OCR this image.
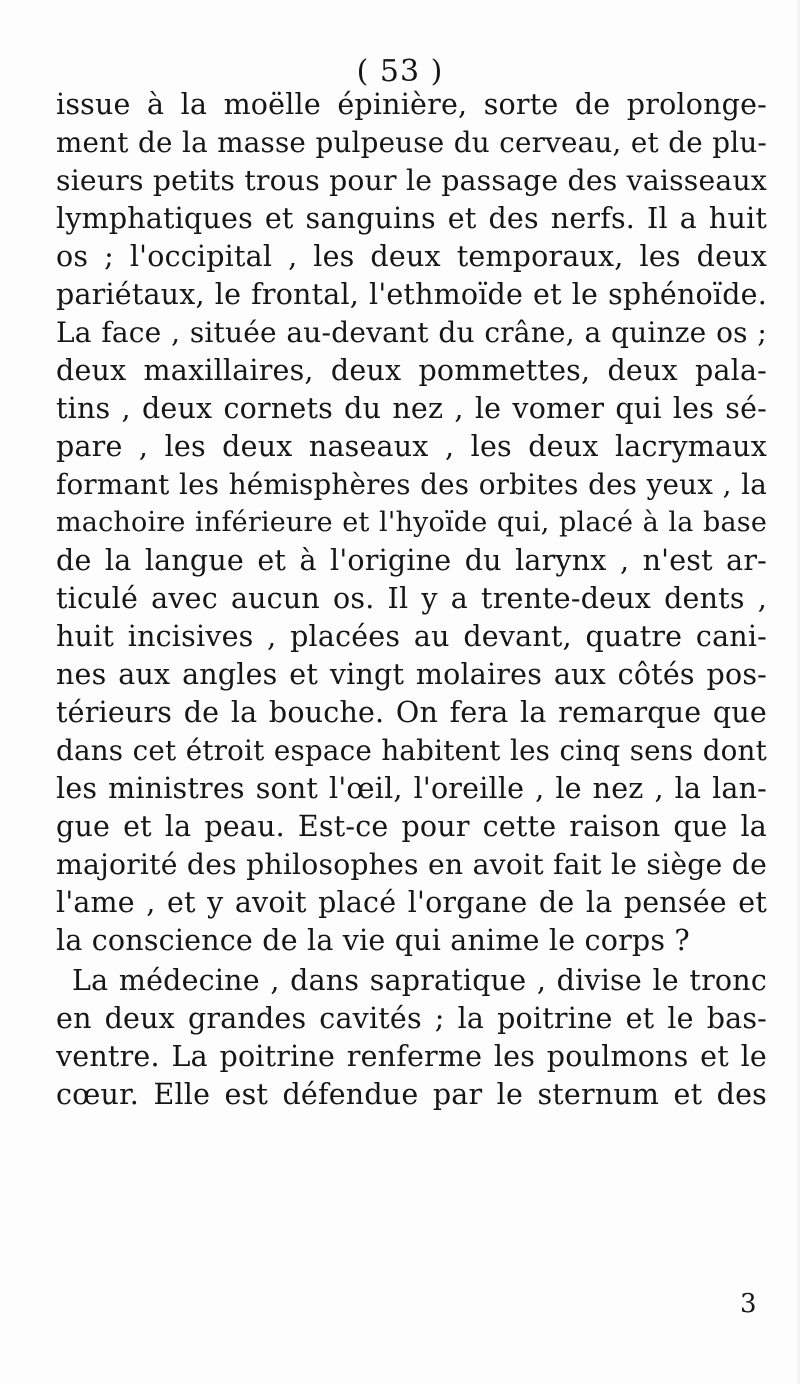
( 53 )
issue à la moëlle épinière, sorte de prolonge-
ment de la masse pulpeuse du cerveau, et de plu-
sieurs petits trous pour le passage des vaisseaux
lymphatiques et sanguins et des nerfs. Il a huit
os ; l'occipital , les deux temporaux, les deux
pariétaux, le frontal, l'ethmoïde et le sphénoïde.
La face , située au-devant du crâne, a quinze os ;
deux maxillaires, deux pommettes, deux pala-
tins , deux cornets du nez , le vomer qui les sé-
pare , les deux naseaux , les deux lacrymaux
formant les hémisphères des orbites des yeux , la
machoire inférieure et l'hyoïde qui, placé à la base
de la langue et à l'origine du larynx , n'est ar-
ticulé avec aucun os. Il y a trente-deux dents ,
huit incisives , placées au devant, quatre cani-
nes aux angles et vingt molaires aux côtés pos-
térieurs de la bouche. On fera la remarque que
dans cet étroit espace habitent les cinq sens dont
les ministres sont l'œil, l'oreille , le nez , la lan-
gue et la peau. Est-ce pour cette raison que la
majorité des philosophes en avoit fait le siège de
l'ame , et y avoit placé l'organe de la pensée et
la conscience de la vie qui anime le corps ?
La médecine , dans sapratique , divise le tronc
en deux grandes cavités ; la poitrine et le bas-
ventre. La poitrine renferme les poulmons et le
cœur. Elle est défendue par le sternum et des
3
